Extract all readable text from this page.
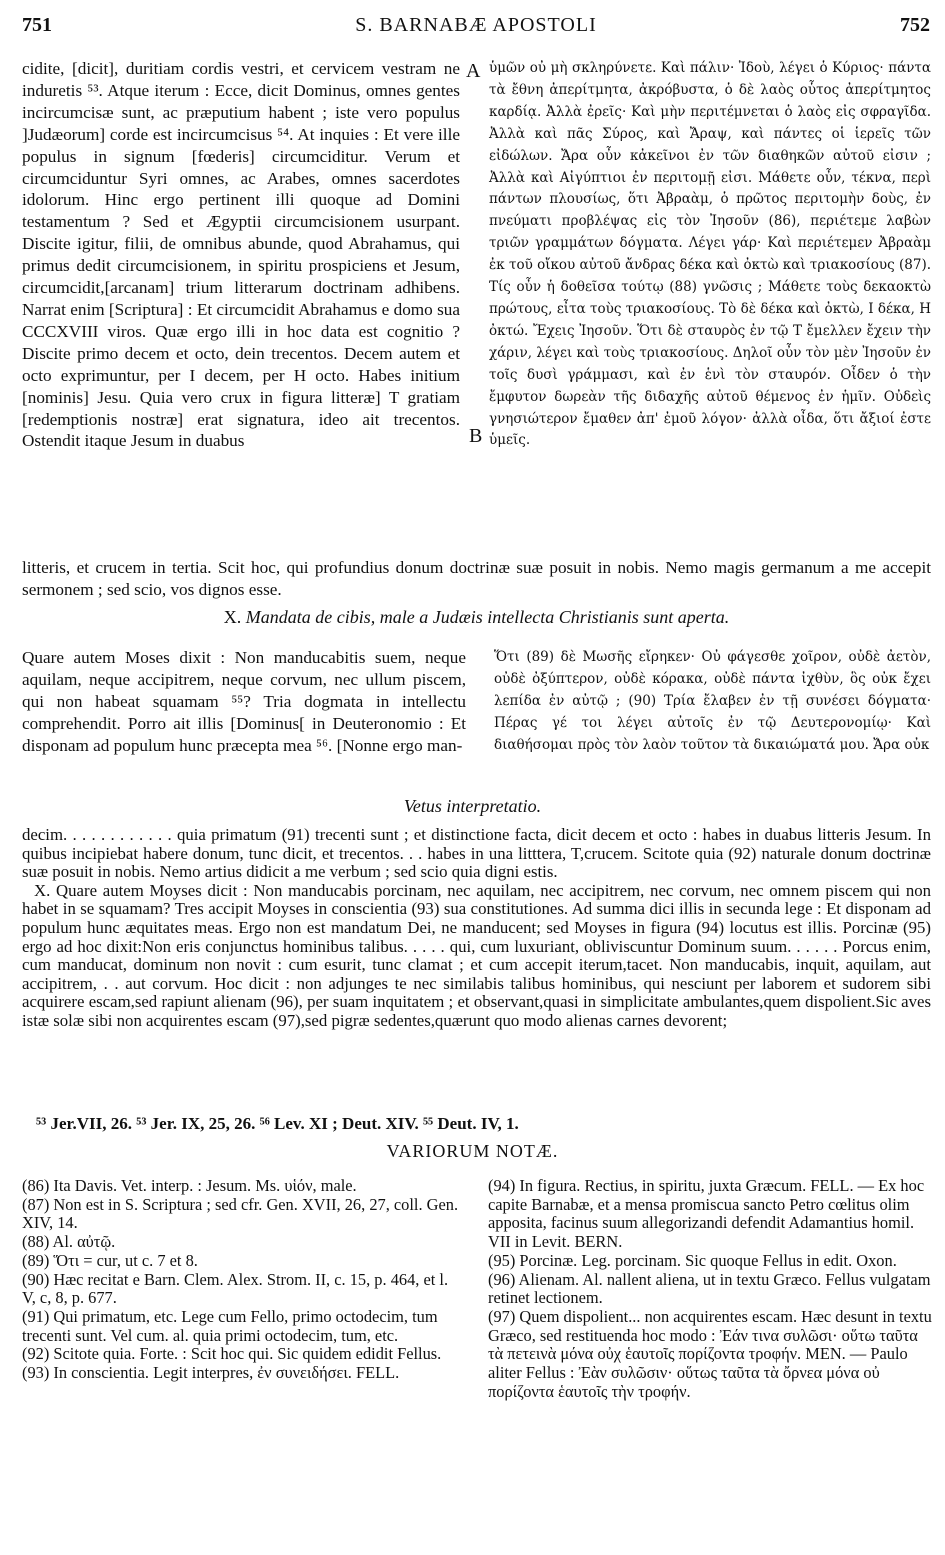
751	S. BARNABÆ APOSTOLI	752

cidite, [dicit], duritiam cordis vestri, et cervicem vestram ne induretis ⁵³. Atque iterum : Ecce, dicit Dominus, omnes gentes incircumcisæ sunt, ac præputium habent ; iste vero populus ]Judæorum] corde est incircumcisus ⁵⁴. At inquies : Et vere ille populus in signum [fœderis] circumciditur. Verum et circumciduntur Syri omnes, ac Arabes, omnes sacerdotes idolorum. Hinc ergo pertinent illi quoque ad Domini testamentum ? Sed et Ægyptii circumcisionem usurpant. Discite igitur, filii, de omnibus abunde, quod Abrahamus, qui primus dedit circumcisionem, in spiritu prospiciens et Jesum, circumcidit,[arcanam] trium litterarum doctrinam adhibens. Narrat enim [Scriptura] : Et circumcidit Abrahamus e domo sua CCCXVIII viros. Quæ ergo illi in hoc data est cognitio ? Discite primo decem et octo, dein trecentos. Decem autem et octo exprimuntur, per I decem, per H octo. Habes initium [nominis] Jesu. Quia vero crux in figura litteræ] T gratiam [redemptionis nostræ] erat signatura, ideo ait trecentos. Ostendit itaque Jesum in duabus

A
B

ὑμῶν οὐ μὴ σκληρύνετε. Καὶ πάλιν· Ἰδοὺ, λέγει ὁ Κύριος· πάντα τὰ ἔθνη ἀπερίτμητα, ἀκρόβυστα, ὁ δὲ λαὸς οὗτος ἀπερίτμητος καρδίᾳ. Ἀλλὰ ἐρεῖς· Καὶ μὴν περιτέμνεται ὁ λαὸς εἰς σφραγῖδα. Ἀλλὰ καὶ πᾶς Σύρος, καὶ Ἄραψ, καὶ πάντες οἱ ἱερεῖς τῶν εἰδώλων. Ἄρα οὖν κἀκεῖνοι ἐν τῶν διαθηκῶν αὐτοῦ εἰσιν ; Ἀλλὰ καὶ Αἰγύπτιοι ἐν περιτομῇ εἰσι. Μάθετε οὖν, τέκνα, περὶ πάντων πλουσίως, ὅτι Ἀβραὰμ, ὁ πρῶτος περιτομὴν δοὺς, ἐν πνεύματι προβλέψας εἰς τὸν Ἰησοῦν (86), περιέτεμε λαβὼν τριῶν γραμμάτων δόγματα. Λέγει γάρ· Καὶ περιέτεμεν Ἀβραὰμ ἐκ τοῦ οἴκου αὐτοῦ ἄνδρας δέκα καὶ ὀκτὼ καὶ τριακοσίους (87). Τίς οὖν ἡ δοθεῖσα τούτῳ (88) γνῶσις ; Μάθετε τοὺς δεκαοκτὼ πρώτους, εἶτα τοὺς τριακοσίους. Τὸ δὲ δέκα καὶ ὀκτὼ, Ι δέκα, Η ὀκτώ. Ἔχεις Ἰησοῦν. Ὅτι δὲ σταυρὸς ἐν τῷ Τ ἔμελλεν ἔχειν τὴν χάριν, λέγει καὶ τοὺς τριακοσίους. Δηλοῖ οὖν τὸν μὲν Ἰησοῦν ἐν τοῖς δυσὶ γράμμασι, καὶ ἐν ἑνὶ τὸν σταυρόν. Οἶδεν ὁ τὴν ἔμφυτον δωρεὰν τῆς διδαχῆς αὐτοῦ θέμενος ἐν ἡμῖν. Οὐδεὶς γνησιώτερον ἔμαθεν ἀπ' ἐμοῦ λόγον· ἀλλὰ οἶδα, ὅτι ἄξιοί ἐστε ὑμεῖς.

litteris, et crucem in tertia. Scit hoc, qui profundius donum doctrinæ suæ posuit in nobis. Nemo magis germanum a me accepit sermonem ; sed scio, vos dignos esse.

X. Mandata de cibis, male a Judæis intellecta Christianis sunt aperta.

Quare autem Moses dixit : Non manducabitis suem, neque aquilam, neque accipitrem, neque corvum, nec ullum piscem, qui non habeat squamam ⁵⁵? Tria dogmata in intellectu comprehendit. Porro ait illis [Dominus[ in Deuteronomio : Et disponam ad populum hunc præcepta mea ⁵⁶. [Nonne ergo man-

Ὅτι (89) δὲ Μωσῆς εἴρηκεν· Οὐ φάγεσθε χοῖρον, οὐδὲ ἀετὸν, οὐδὲ ὀξύπτερον, οὐδὲ κόρακα, οὐδὲ πάντα ἰχθὺν, ὃς οὐκ ἔχει λεπίδα ἐν αὐτῷ ; (90) Τρία ἔλαβεν ἐν τῇ συνέσει δόγματα· Πέρας γέ τοι λέγει αὐτοῖς ἐν τῷ Δευτερονομίῳ· Καὶ διαθήσομαι πρὸς τὸν λαὸν τοῦτον τὰ δικαιώματά μου. Ἄρα οὐκ

Vetus interpretatio.

decim. . . . . . . . . . . . quia primatum (91) trecenti sunt ; et distinctione facta, dicit decem et octo : habes in duabus litteris Jesum. In quibus incipiebat habere donum, tunc dicit, et trecentos. . . habes in una litttera, T,crucem. Scitote quia (92) naturale donum doctrinæ suæ posuit in nobis. Nemo artius didicit a me verbum ; sed scio quia digni estis.

X. Quare autem Moyses dicit : Non manducabis porcinam, nec aquilam, nec accipitrem, nec corvum, nec omnem piscem qui non habet in se squamam? Tres accipit Moyses in conscientia (93) sua constitutiones. Ad summa dici illis in secunda lege : Et disponam ad populum hunc æquitates meas. Ergo non est mandatum Dei, ne manducent; sed Moyses in figura (94) locutus est illis. Porcinæ (95) ergo ad hoc dixit:Non eris conjunctus hominibus talibus. . . . . qui, cum luxuriant, obliviscuntur Dominum suum. . . . . . Porcus enim, cum manducat, dominum non novit : cum esurit, tunc clamat ; et cum accepit iterum,tacet. Non manducabis, inquit, aquilam, aut accipitrem, . . aut corvum. Hoc dicit : non adjunges te nec similabis talibus hominibus, qui nesciunt per laborem et sudorem sibi acquirere escam,sed rapiunt alienam (96), per suam inquitatem ; et observant,quasi in simplicitate ambulantes,quem dispolient.Sic aves istæ solæ sibi non acquirentes escam (97),sed pigræ sedentes,quærunt quo modo alienas carnes devorent;

⁵³ Jer.VII, 26. ⁵³ Jer. IX, 25, 26. ⁵⁶ Lev. XI ; Deut. XIV. ⁵⁵ Deut. IV, 1.
VARIORUM NOTÆ.

(86) Ita Davis. Vet. interp. : Jesum. Ms. υἱόν, male.

(87) Non est in S. Scriptura ; sed cfr. Gen. XVII, 26, 27, coll. Gen. XIV, 14.

(88) Al. αὐτῷ.

(89) Ὅτι = cur, ut c. 7 et 8.

(90) Hæc recitat e Barn. Clem. Alex. Strom. II, c. 15, p. 464, et l. V, c, 8, p. 677.

(91) Qui primatum, etc. Lege cum Fello, primo octodecim, tum trecenti sunt. Vel cum. al. quia primi octodecim, tum, etc.

(92) Scitote quia. Forte. : Scit hoc qui. Sic quidem edidit Fellus.

(93) In conscientia. Legit interpres, ἐν συνειδήσει. FELL.

(94) In figura. Rectius, in spiritu, juxta Græcum. FELL. — Ex hoc capite Barnabæ, et a mensa promiscua sancto Petro cœlitus olim apposita, facinus suum allegorizandi defendit Adamantius homil. VII in Levit. BERN.

(95) Porcinæ. Leg. porcinam. Sic quoque Fellus in edit. Oxon.

(96) Alienam. Al. nallent aliena, ut in textu Græco. Fellus vulgatam retinet lectionem.

(97) Quem dispolient... non acquirentes escam. Hæc desunt in textu Græco, sed restituenda hoc modo : Ἐάν τινα συλῶσι· οὕτω ταῦτα τὰ πετεινὰ μόνα οὐχ ἑαυτοῖς πορίζοντα τροφήν. MEN. — Paulo aliter Fellus : Ἐὰν συλῶσιν· οὕτως ταῦτα τὰ ὄρνεα μόνα οὐ πορίζοντα ἑαυτοῖς τὴν τροφήν.
